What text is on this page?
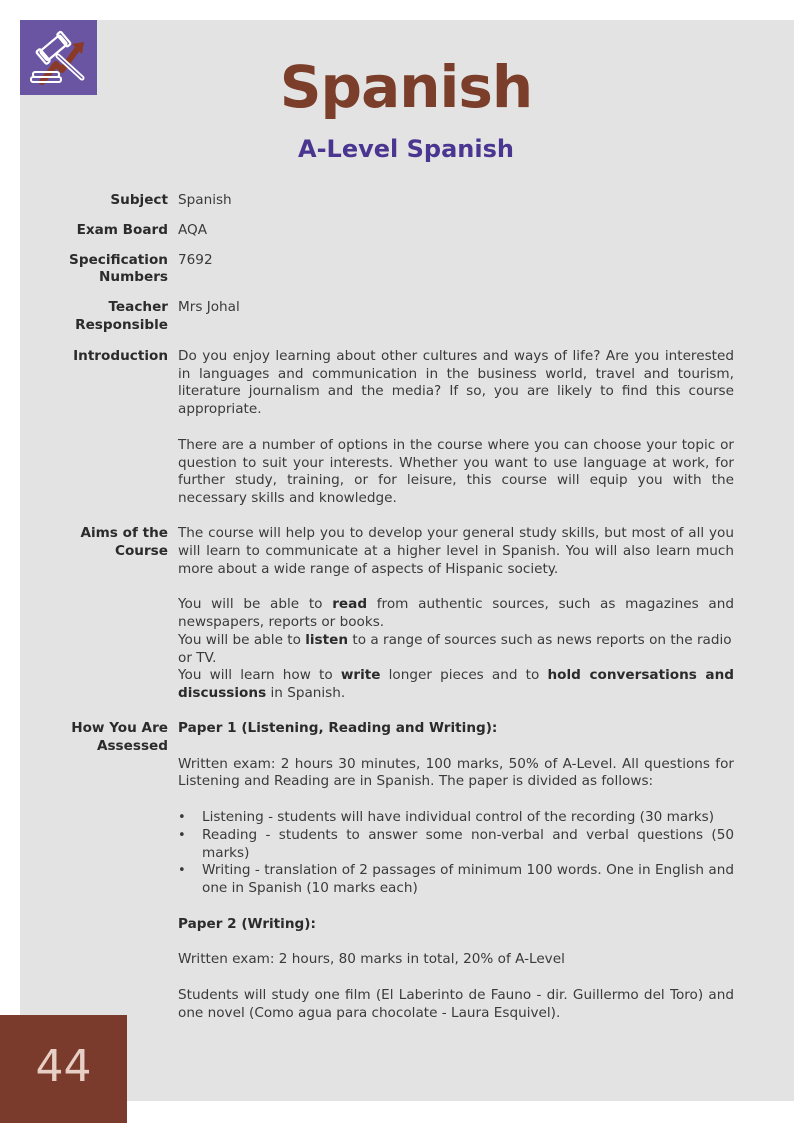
Spanish
A-Level Spanish
Subject Spanish
Exam Board AQA
Specification
Numbers
7692
Teacher
Responsible
Mrs Johal
Introduction Do you enjoy learning about other cultures and ways of life? Are you interested in languages and communication in the business world, travel and tourism, literature journalism and the media? If so, you are likely to find this course appropriate.

There are a number of options in the course where you can choose your topic or question to suit your interests. Whether you want to use language at work, for further study, training, or for leisure, this course will equip you with the necessary skills and knowledge.

Aims of the
Course

The course will help you to develop your general study skills, but most of all you will learn to communicate at a higher level in Spanish. You will also learn much more about a wide range of aspects of Hispanic society.

You will be able to read from authentic sources, such as magazines and newspapers, reports or books.

You will be able to listen to a range of sources such as news reports on the radio or TV.
You will learn how to write longer pieces and to hold conversations and discussions in Spanish.
How You Are
Assessed

Paper 1 (Listening, Reading and Writing):

Written exam: 2 hours 30 minutes, 100 marks, 50% of A-Level. All questions for Listening and Reading are in Spanish. The paper is divided as follows:

• Listening - students will have individual control of the recording (30 marks)
• Reading - students to answer some non-verbal and verbal questions (50 marks)
• Writing - translation of 2 passages of minimum 100 words. One in English and one in Spanish (10 marks each)

Paper 2 (Writing):

Written exam: 2 hours, 80 marks in total, 20% of A-Level

Students will study one film (El Laberinto de Fauno - dir. Guillermo del Toro) and one novel (Como agua para chocolate - Laura Esquivel).

44
